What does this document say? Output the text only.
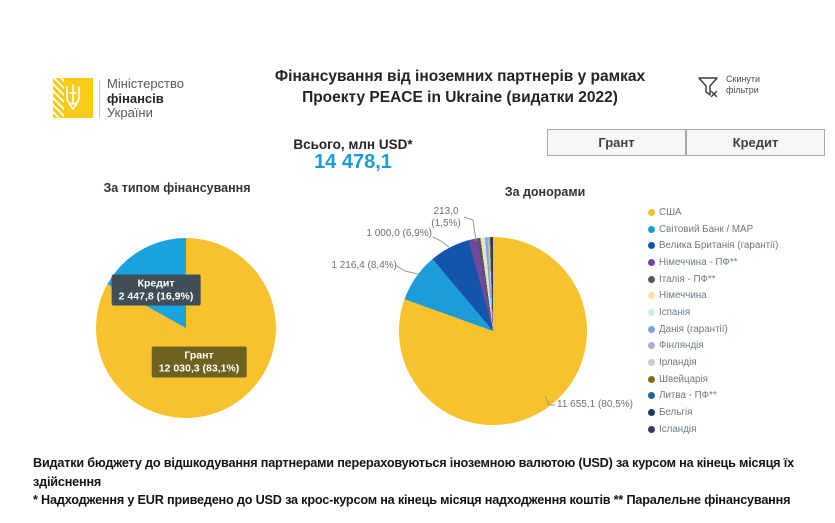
Міністерство
фінансів
України
Фінансування від іноземних партнерів у рамках
Проекту PEACE in Ukraine (видатки 2022)
Скинути
фільтри
Всього, млн USD*
14 478,1
Грант	Кредит
За типом фінансування
Кредит
2 447,8 (16,9%)
Грант
12 030,3 (83,1%)
За донорами
1 216,4 (8,4%)
1 000,0 (6,9%)
213,0
(1,5%)
11 655,1 (80,5%)
США
Світовий Банк / МАР
Велика Британія (гарантії)
Німеччина - ПФ**
Італія - ПФ**
Німеччина
Іспанія
Данія (гарантії)
Фінляндія
Ірландія
Швейцарія
Литва - ПФ**
Бельгія
Ісландія
Видатки бюджету до відшкодування партнерами перераховуються іноземною валютою (USD) за курсом на кінець місяця їх здійснення
* Надходження у EUR приведено до USD за крос-курсом на кінець місяця надходження коштів ** Паралельне фінансування
